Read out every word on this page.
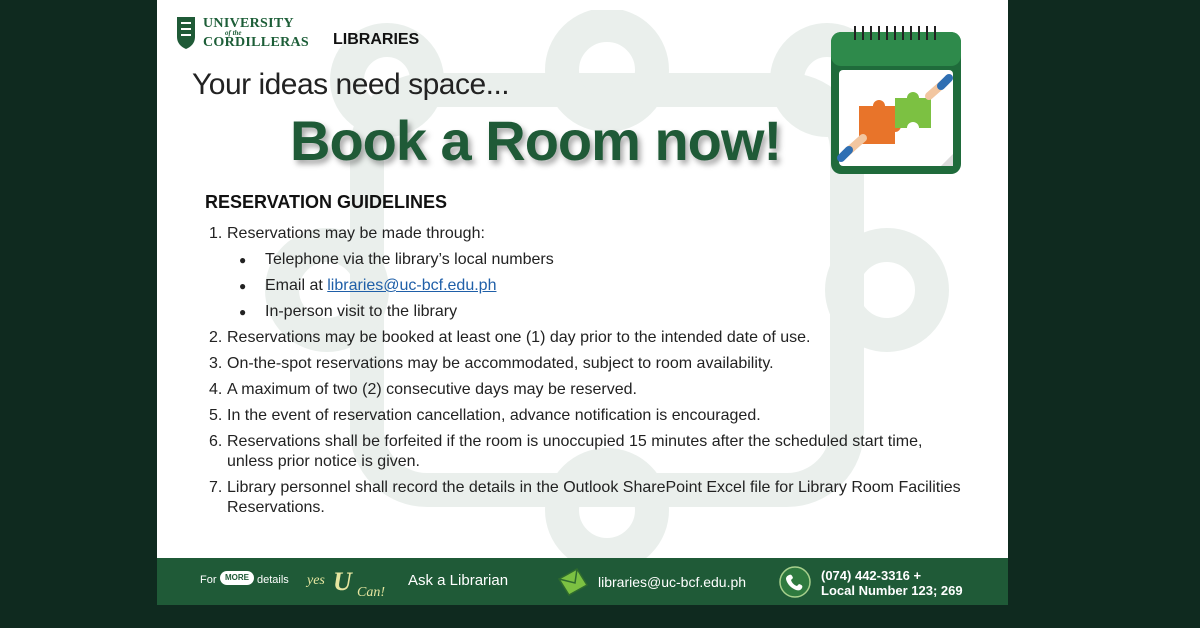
UNIVERSITY
of the
CORDILLERAS LIBRARIES
Your ideas need space...
Book a Room now!
RESERVATION GUIDELINES
1. Reservations may be made through:
●	Telephone via the library’s local numbers
●	Email at libraries@uc-bcf.edu.ph
●	In-person visit to the library
2. Reservations may be booked at least one (1) day prior to the intended date of use.
3. On-the-spot reservations may be accommodated, subject to room availability.
4. A maximum of two (2) consecutive days may be reserved.
5. In the event of reservation cancellation, advance notification is encouraged.
6. Reservations shall be forfeited if the room is unoccupied 15 minutes after the scheduled start time, unless prior notice is given.
7. Library personnel shall record the details in the Outlook SharePoint Excel file for Library Room Facilities Reservations.
For	MORE details yes U Can!
Ask a Librarian	libraries@uc-bcf.edu.ph	(074) 442-3316 +
Local Number 123; 269
